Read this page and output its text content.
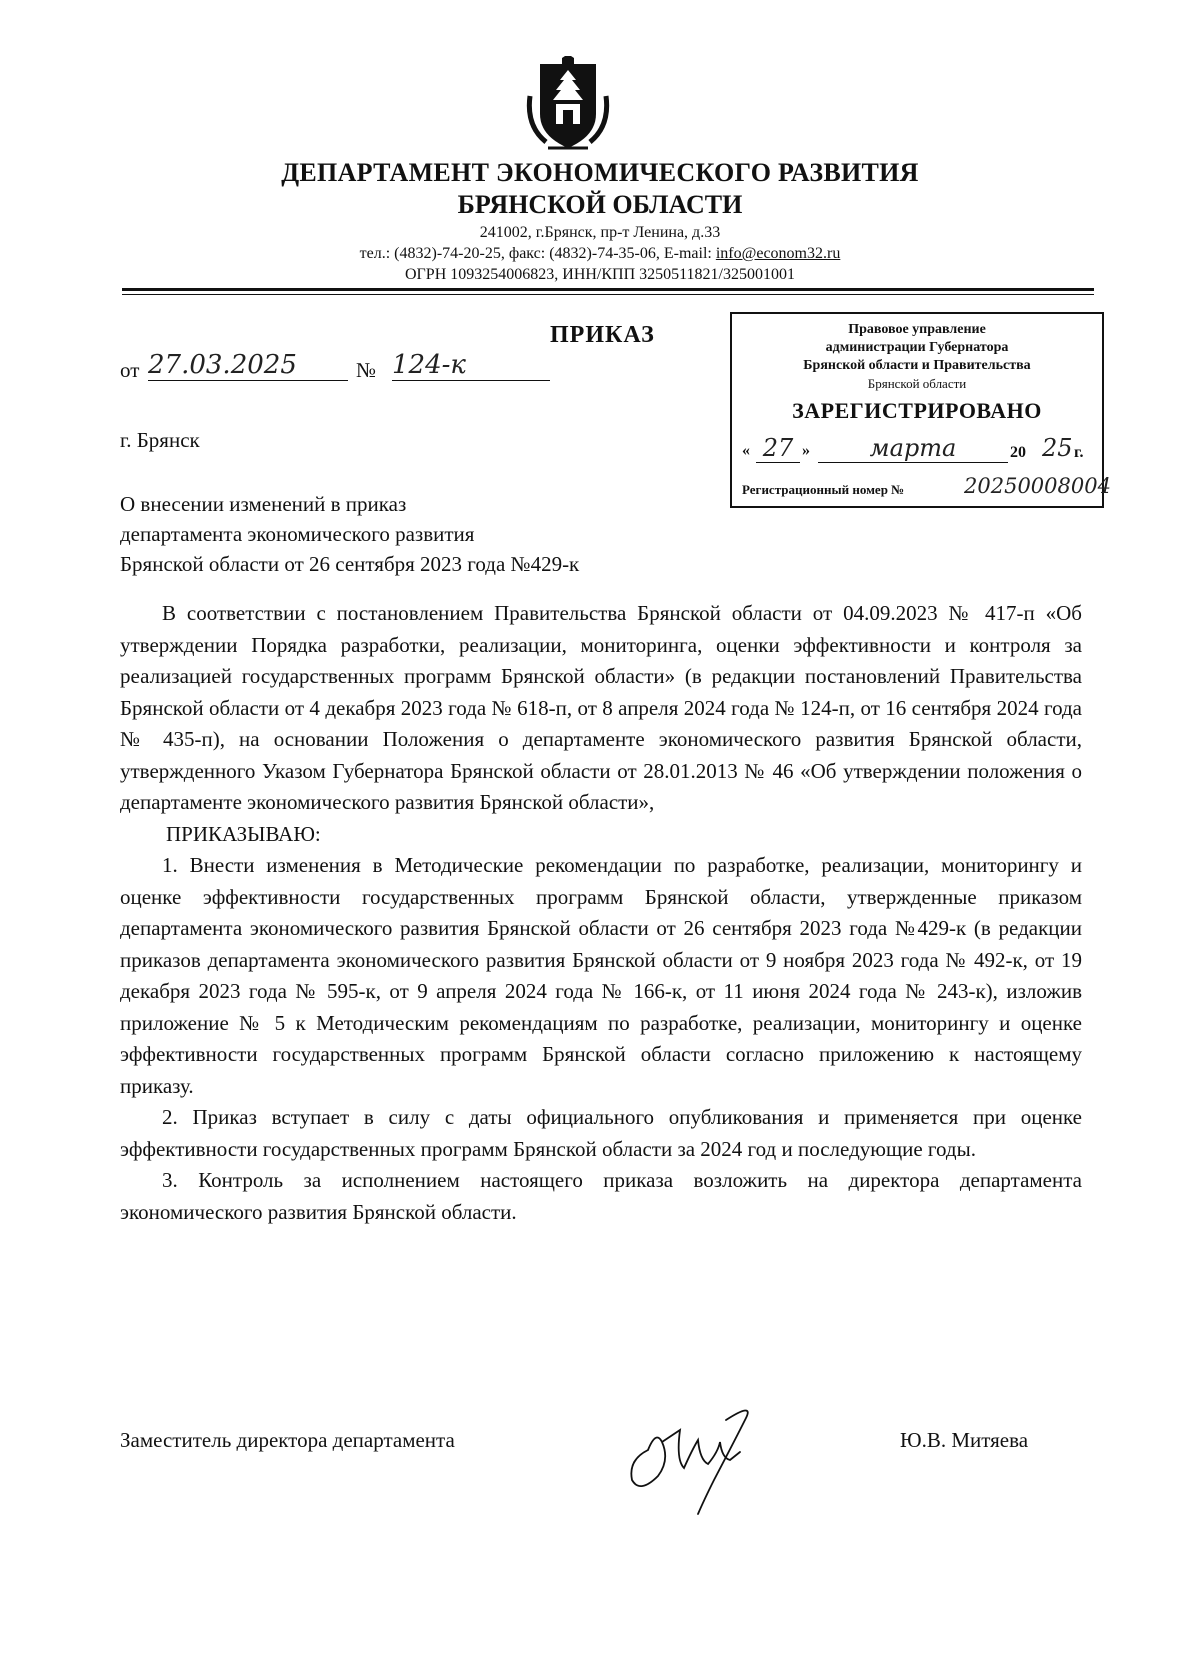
ДЕПАРТАМЕНТ ЭКОНОМИЧЕСКОГО РАЗВИТИЯ
БРЯНСКОЙ ОБЛАСТИ
241002, г.Брянск, пр-т Ленина, д.33
тел.: (4832)-74-20-25, факс: (4832)-74-35-06, E-mail: info@econom32.ru
ОГРН 1093254006823, ИНН/КПП 3250511821/325001001
ПРИКАЗ
от 27.03.2025	№ 124-к
Правовое управление
администрации Губернатора
Брянской области и Правительства
Брянской области
ЗАРЕГИСТРИРОВАНО
« 27 »	марта	20 25 г.
Регистрационный номер №	20250008004
г. Брянск
О внесении изменений в приказ
департамента экономического развития
Брянской области от 26 сентября 2023 года №429-к

В соответствии с постановлением Правительства Брянской области от 04.09.2023 № 417-п «Об утверждении Порядка разработки, реализации, мониторинга, оценки эффективности и контроля за реализацией государственных программ Брянской области» (в редакции постановлений Правительства Брянской области от 4 декабря 2023 года № 618-п, от 8 апреля 2024 года № 124-п, от 16 сентября 2024 года № 435-п), на основании Положения о департаменте экономического развития Брянской области, утвержденного Указом Губернатора Брянской области от 28.01.2013 № 46 «Об утверждении положения о департаменте экономического развития Брянской области»,

ПРИКАЗЫВАЮ:

1. Внести изменения в Методические рекомендации по разработке, реализации, мониторингу и оценке эффективности государственных программ Брянской области, утвержденные приказом департамента экономического развития Брянской области от 26 сентября 2023 года №429-к (в редакции приказов департамента экономического развития Брянской области от 9 ноября 2023 года № 492-к, от 19 декабря 2023 года № 595-к, от 9 апреля 2024 года № 166-к, от 11 июня 2024 года № 243-к), изложив приложение № 5 к Методическим рекомендациям по разработке, реализации, мониторингу и оценке эффективности государственных программ Брянской области согласно приложению к настоящему приказу.

2. Приказ вступает в силу с даты официального опубликования и применяется при оценке эффективности государственных программ Брянской области за 2024 год и последующие годы.

3. Контроль за исполнением настоящего приказа возложить на директора департамента экономического развития Брянской области.

Заместитель директора департамента	Ю.В. Митяева
